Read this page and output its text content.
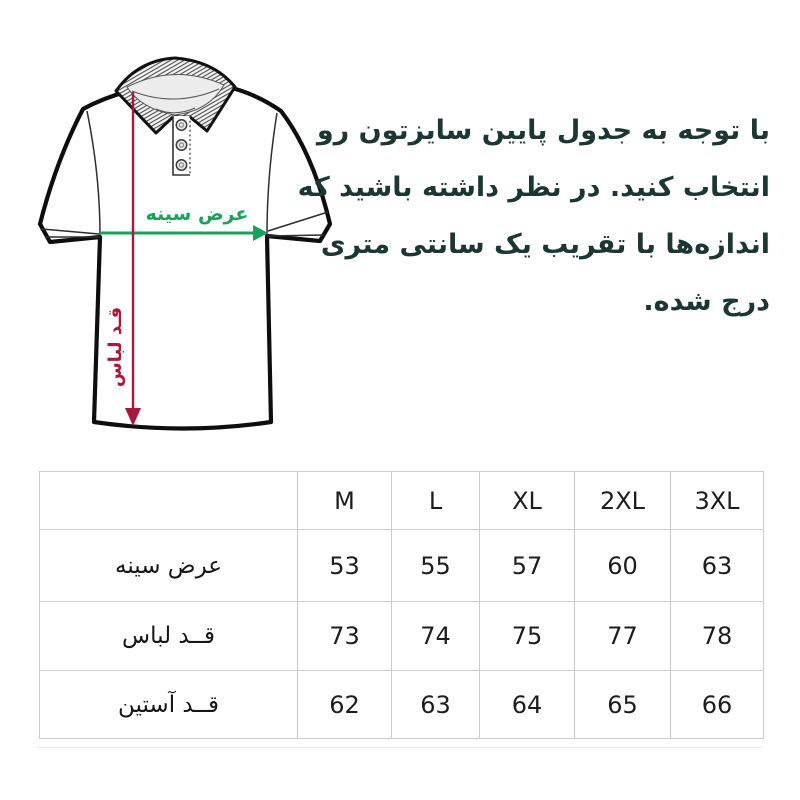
عرض سینه
قـد لباس
با توجه به جدول پایین سایزتون رو
انتخاب کنید. در نظر داشته باشید که
اندازه‌ها با تقریب یک سانتی متری
درج شده.
	M	L	XL	2XL	3XL
عرض سینه	53	55	57	60	63
قــد لباس	73	74	75	77	78
قــد آستین	62	63	64	65	66
